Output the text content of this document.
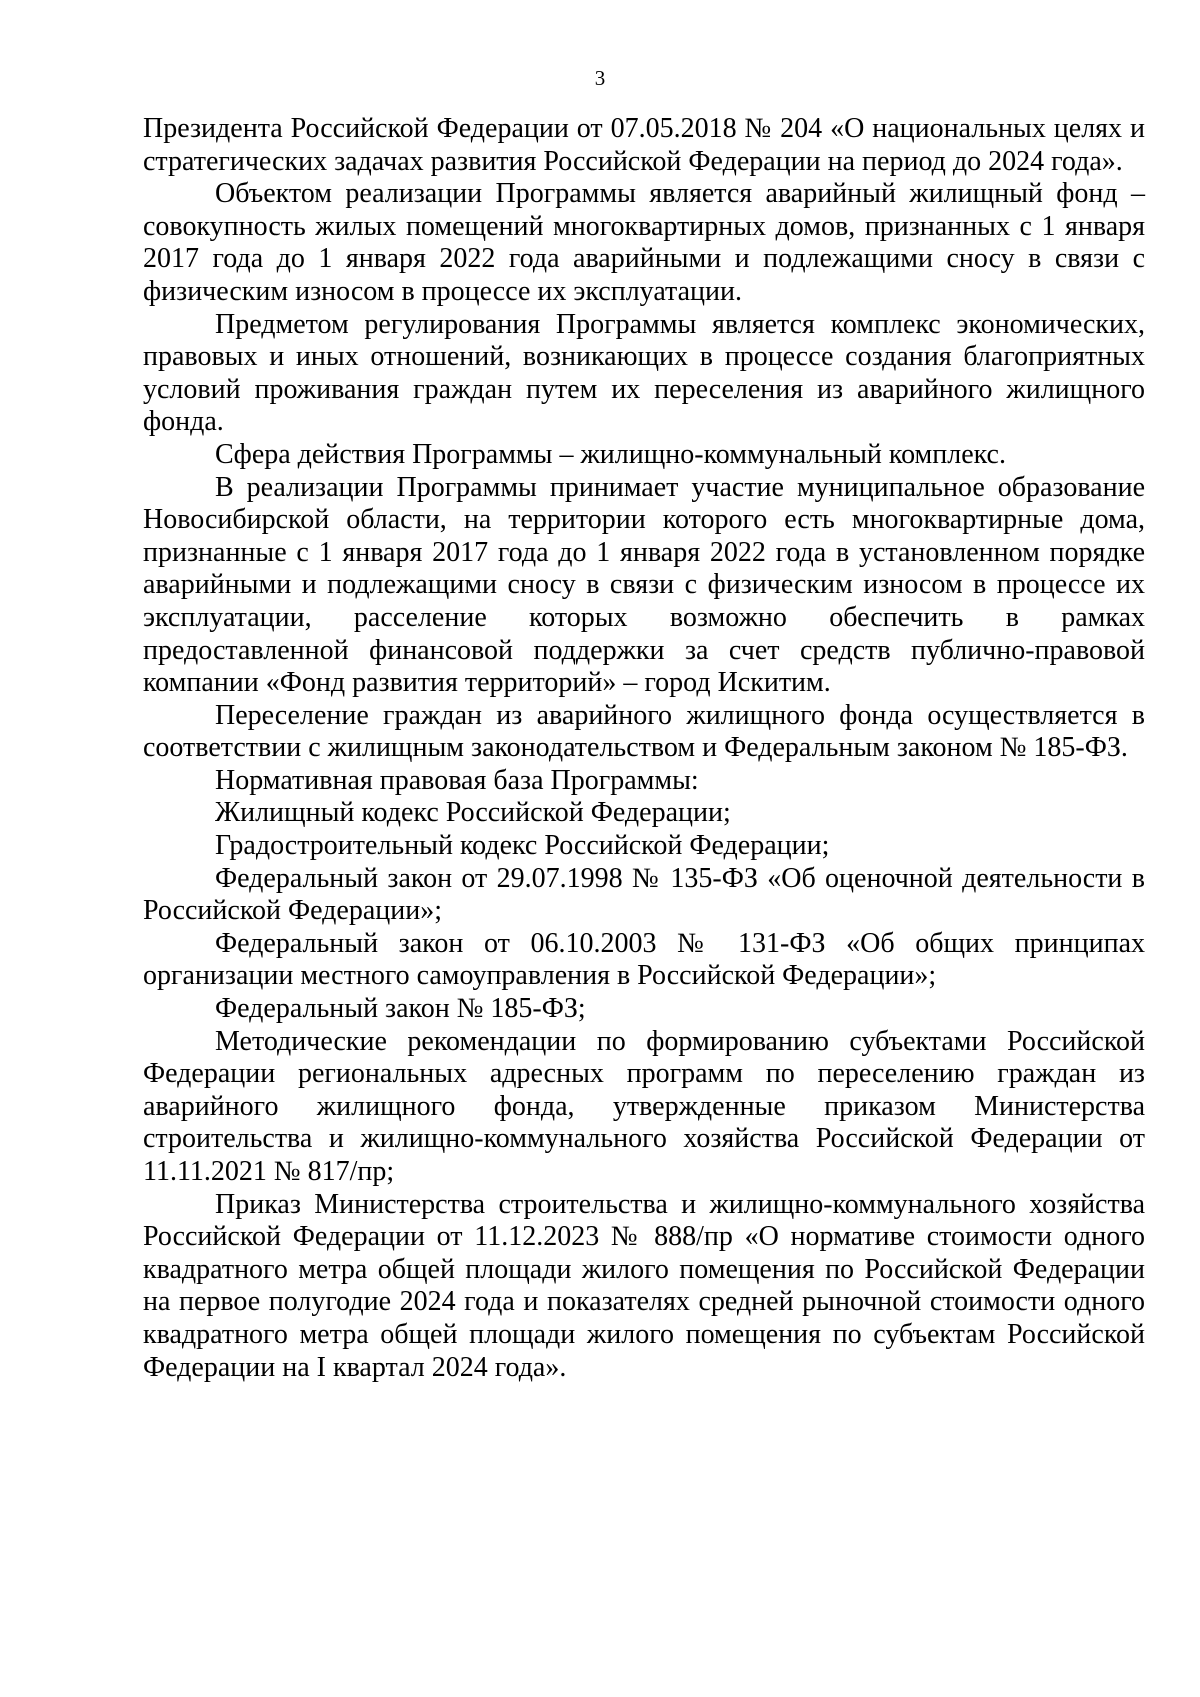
3

Президента Российской Федерации от 07.05.2018 № 204 «О национальных целях и стратегических задачах развития Российской Федерации на период до 2024 года».

Объектом реализации Программы является аварийный жилищный фонд – совокупность жилых помещений многоквартирных домов, признанных с 1 января 2017 года до 1 января 2022 года аварийными и подлежащими сносу в связи с физическим износом в процессе их эксплуатации.

Предметом регулирования Программы является комплекс экономических, правовых и иных отношений, возникающих в процессе создания благоприятных условий проживания граждан путем их переселения из аварийного жилищного фонда.

Сфера действия Программы – жилищно-коммунальный комплекс.

В реализации Программы принимает участие муниципальное образование Новосибирской области, на территории которого есть многоквартирные дома, признанные с 1 января 2017 года до 1 января 2022 года в установленном порядке аварийными и подлежащими сносу в связи с физическим износом в процессе их эксплуатации, расселение которых возможно обеспечить в рамках предоставленной финансовой поддержки за счет средств публично-правовой компании «Фонд развития территорий» – город Искитим.

Переселение граждан из аварийного жилищного фонда осуществляется в соответствии с жилищным законодательством и Федеральным законом № 185-ФЗ.

Нормативная правовая база Программы:

Жилищный кодекс Российской Федерации;

Градостроительный кодекс Российской Федерации;

Федеральный закон от 29.07.1998 № 135-ФЗ «Об оценочной деятельности в Российской Федерации»;

Федеральный закон от 06.10.2003 № 131-ФЗ «Об общих принципах организации местного самоуправления в Российской Федерации»;

Федеральный закон № 185-ФЗ;

Методические рекомендации по формированию субъектами Российской Федерации региональных адресных программ по переселению граждан из аварийного жилищного фонда, утвержденные приказом Министерства строительства и жилищно-коммунального хозяйства Российской Федерации от 11.11.2021 № 817/пр;

Приказ Министерства строительства и жилищно-коммунального хозяйства Российской Федерации от 11.12.2023 № 888/пр «О нормативе стоимости одного квадратного метра общей площади жилого помещения по Российской Федерации на первое полугодие 2024 года и показателях средней рыночной стоимости одного квадратного метра общей площади жилого помещения по субъектам Российской Федерации на I квартал 2024 года».
